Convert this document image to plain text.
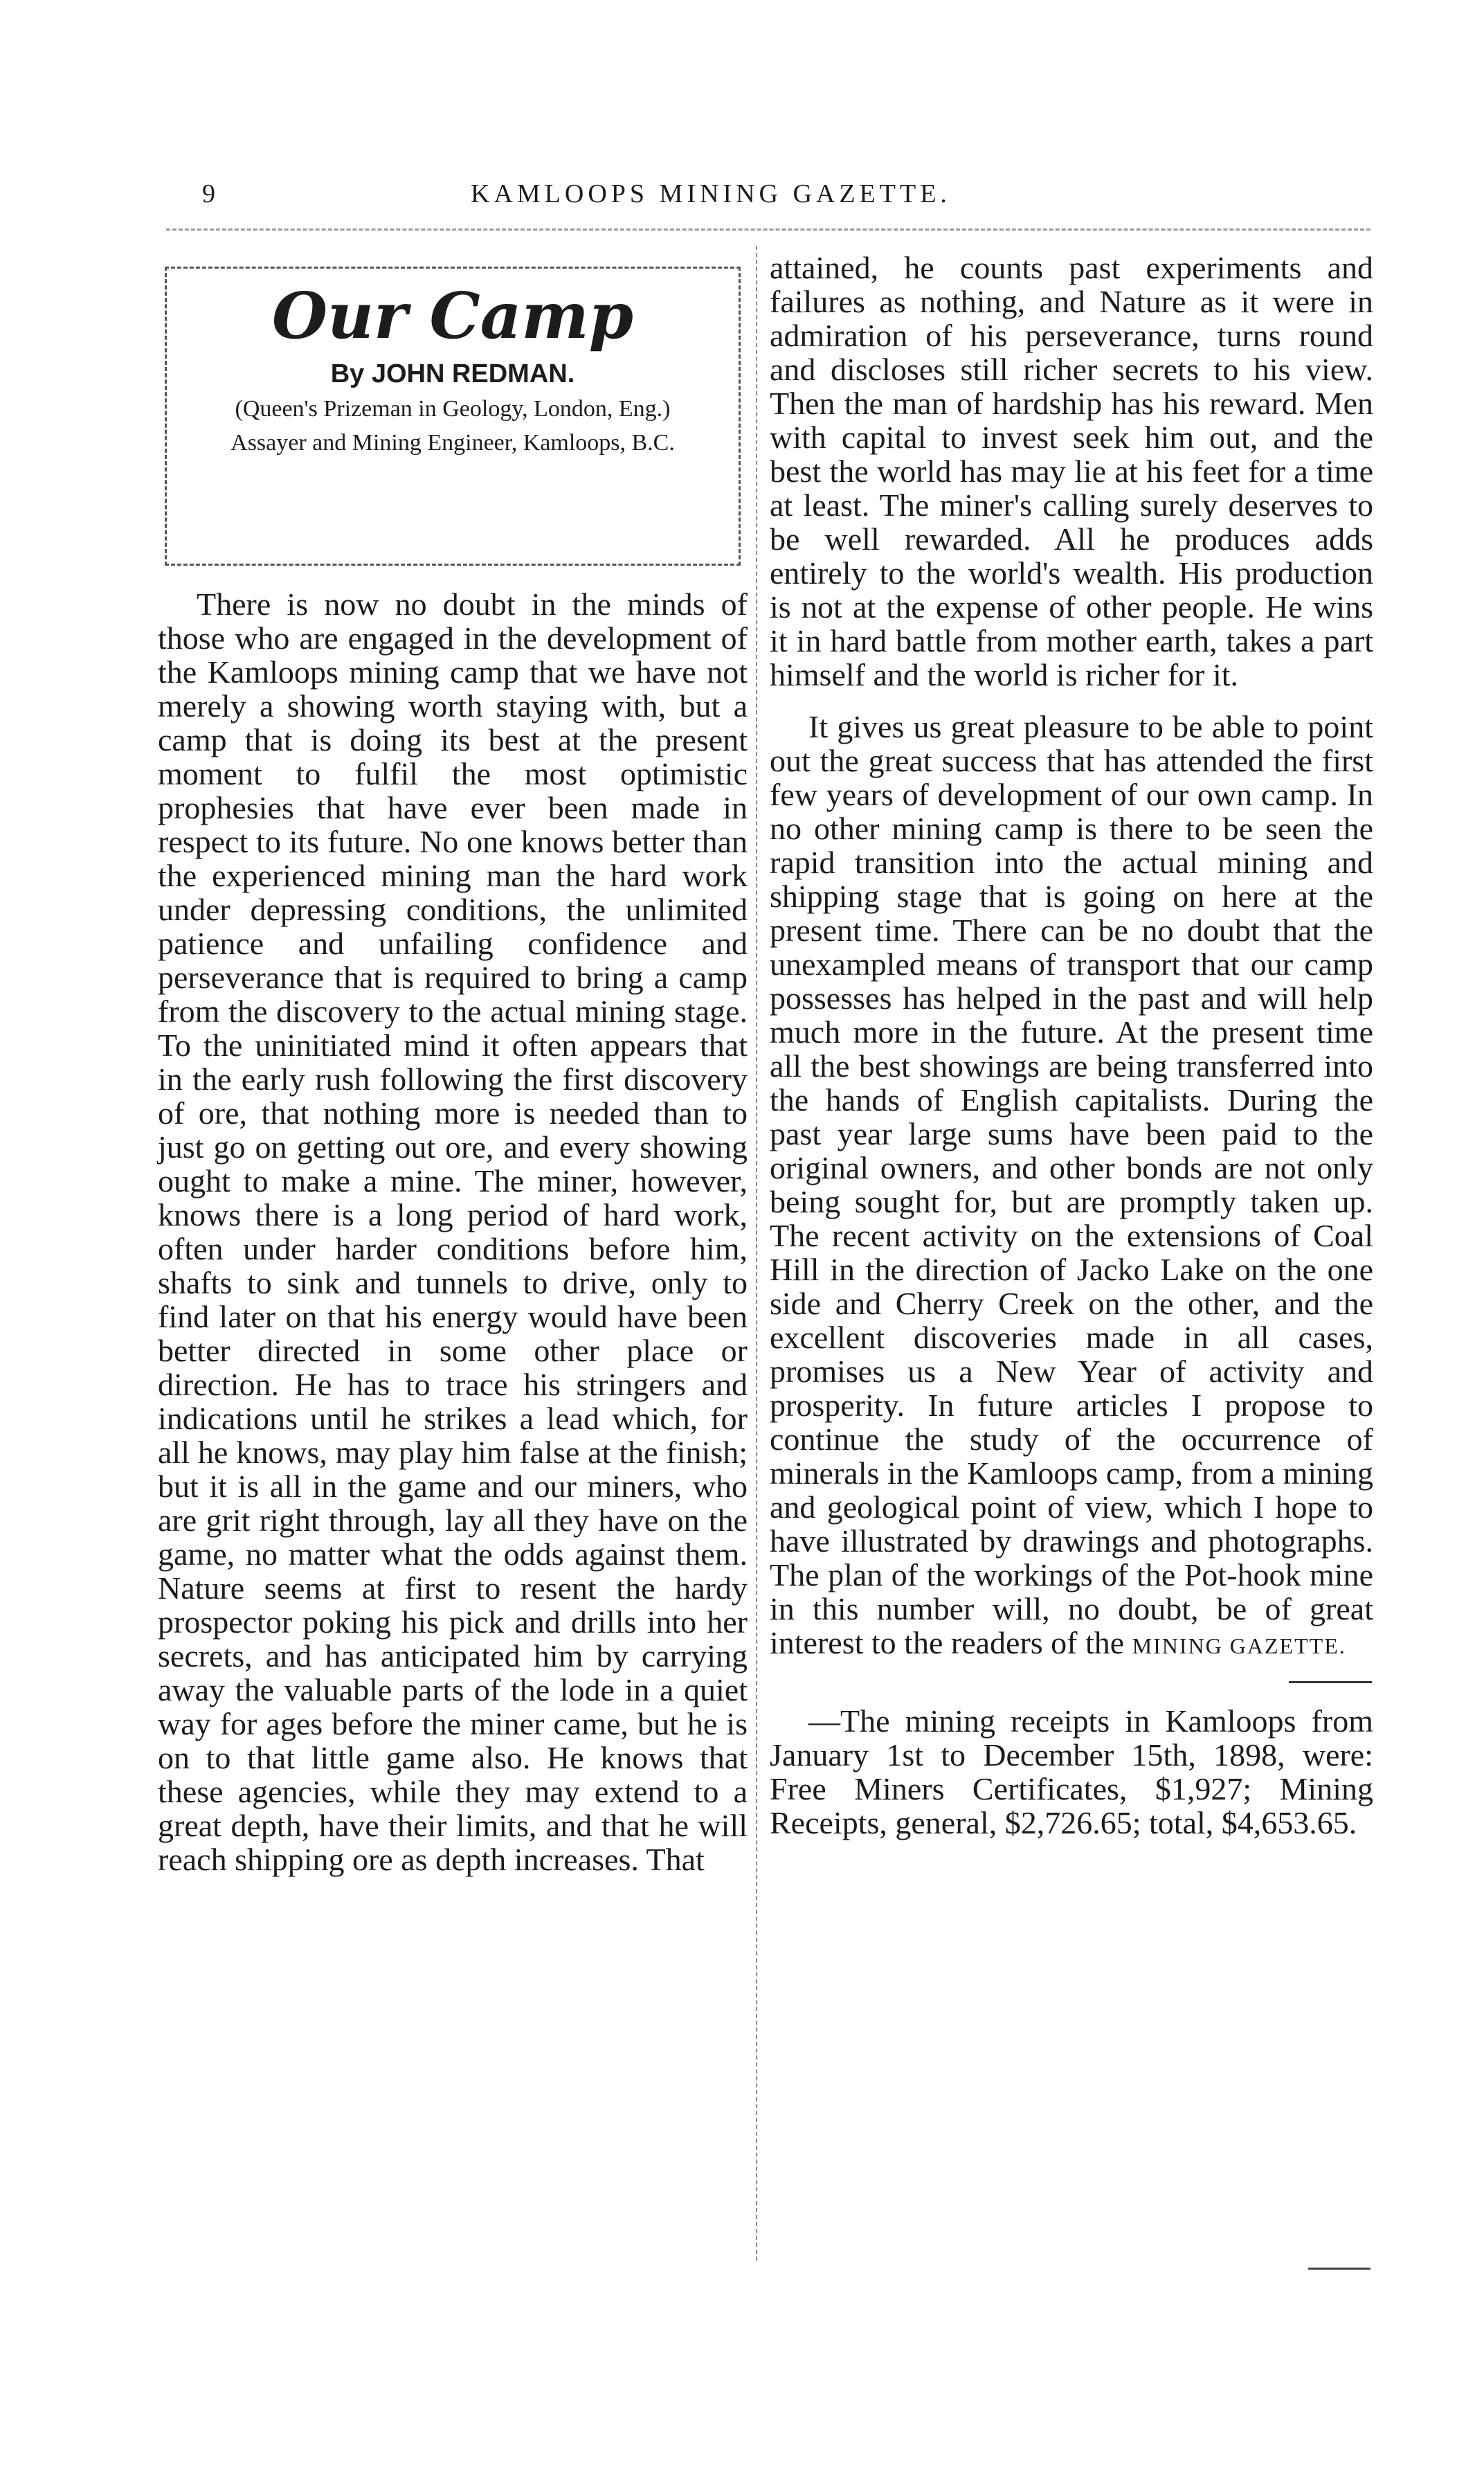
9	KAMLOOPS MINING GAZETTE.
Our Camp
By JOHN REDMAN.
(Queen's Prizeman in Geology, London, Eng.)
Assayer and Mining Engineer, Kamloops, B.C.

There is now no doubt in the minds of those who are engaged in the development of the Kamloops mining camp that we have not merely a showing worth staying with, but a camp that is doing its best at the present moment to fulfil the most optimistic prophesies that have ever been made in respect to its future. No one knows better than the experienced mining man the hard work under depressing conditions, the unlimited patience and unfailing confidence and perseverance that is required to bring a camp from the discovery to the actual mining stage. To the uninitiated mind it often appears that in the early rush following the first discovery of ore, that nothing more is needed than to just go on getting out ore, and every showing ought to make a mine. The miner, however, knows there is a long period of hard work, often under harder conditions before him, shafts to sink and tunnels to drive, only to find later on that his energy would have been better directed in some other place or direction. He has to trace his stringers and indications until he strikes a lead which, for all he knows, may play him false at the finish; but it is all in the game and our miners, who are grit right through, lay all they have on the game, no matter what the odds against them. Nature seems at first to resent the hardy prospector poking his pick and drills into her secrets, and has anticipated him by carrying away the valuable parts of the lode in a quiet way for ages before the miner came, but he is on to that little game also. He knows that these agencies, while they may extend to a great depth, have their limits, and that he will reach shipping ore as depth increases. That

attained, he counts past experiments and failures as nothing, and Nature as it were in admiration of his perseverance, turns round and discloses still richer secrets to his view. Then the man of hardship has his reward. Men with capital to invest seek him out, and the best the world has may lie at his feet for a time at least. The miner's calling surely deserves to be well rewarded. All he produces adds entirely to the world's wealth. His production is not at the expense of other people. He wins it in hard battle from mother earth, takes a part himself and the world is richer for it.

It gives us great pleasure to be able to point out the great success that has attended the first few years of development of our own camp. In no other mining camp is there to be seen the rapid transition into the actual mining and shipping stage that is going on here at the present time. There can be no doubt that the unexampled means of transport that our camp possesses has helped in the past and will help much more in the future. At the present time all the best showings are being transferred into the hands of English capitalists. During the past year large sums have been paid to the original owners, and other bonds are not only being sought for, but are promptly taken up. The recent activity on the extensions of Coal Hill in the direction of Jacko Lake on the one side and Cherry Creek on the other, and the excellent discoveries made in all cases, promises us a New Year of activity and prosperity. In future articles I propose to continue the study of the occurrence of minerals in the Kamloops camp, from a mining and geological point of view, which I hope to have illustrated by drawings and photographs. The plan of the workings of the Pot-hook mine in this number will, no doubt, be of great interest to the readers of the MINING GAZETTE.

—The mining receipts in Kamloops from January 1st to December 15th, 1898, were: Free Miners Certificates, $1,927; Mining Receipts, general, $2,726.65; total, $4,653.65.
